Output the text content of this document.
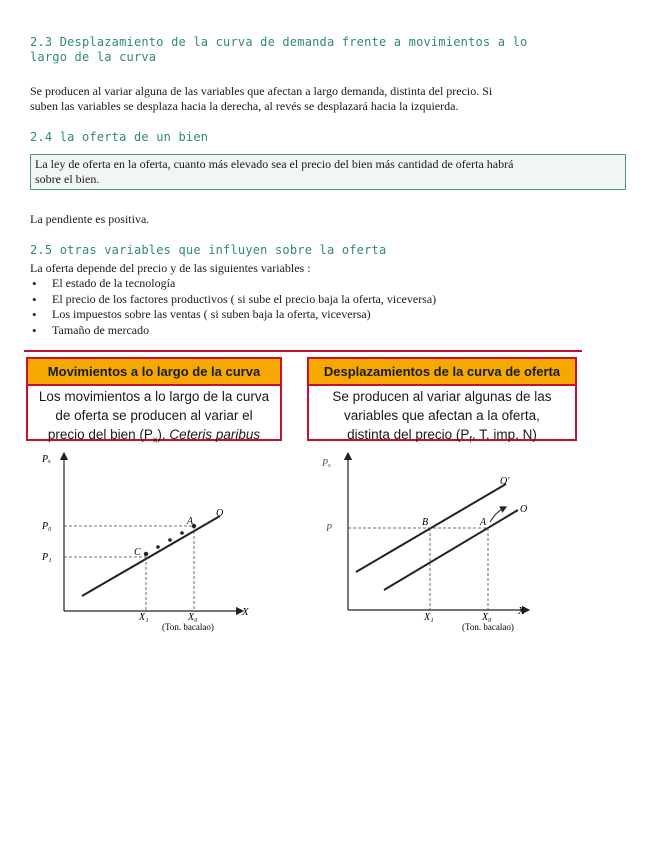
2.3 Desplazamiento de la curva de demanda frente a movimientos a lo
largo de la curva
Se producen al variar alguna de las variables que afectan a largo demanda, distinta del precio. Si
suben las variables se desplaza hacia la derecha, al revés se desplazará hacia la izquierda.
2.4 la oferta de un bien
La ley de oferta en la oferta, cuanto más elevado sea el precio del bien más cantidad de oferta habrá
sobre el bien.
La pendiente es positiva.
2.5 otras variables que influyen sobre la oferta
La oferta depende del precio y de las siguientes variables :
• El estado de la tecnología
• El precio de los factores productivos ( si sube el precio baja la oferta, viceversa)
• Los impuestos sobre las ventas ( si suben baja la oferta, viceversa)
• Tamaño de mercado
Movimientos a lo largo de la curva
Los movimientos a lo largo de la curva
de oferta se producen al variar el
precio del bien $(P_x)$. Ceteris paribus
Desplazamientos de la curva de oferta
Se producen al variar algunas de las
variables que afectan a la oferta,
distinta del precio ($P_f$, T, imp, N)
Pₓ
X
P₀
P₁
X₁	X₀
O
A
C
(Ton. bacalao)
Pₓ
X
P
X₁	X₀
O'
O
A
B
(Ton. bacalao)
